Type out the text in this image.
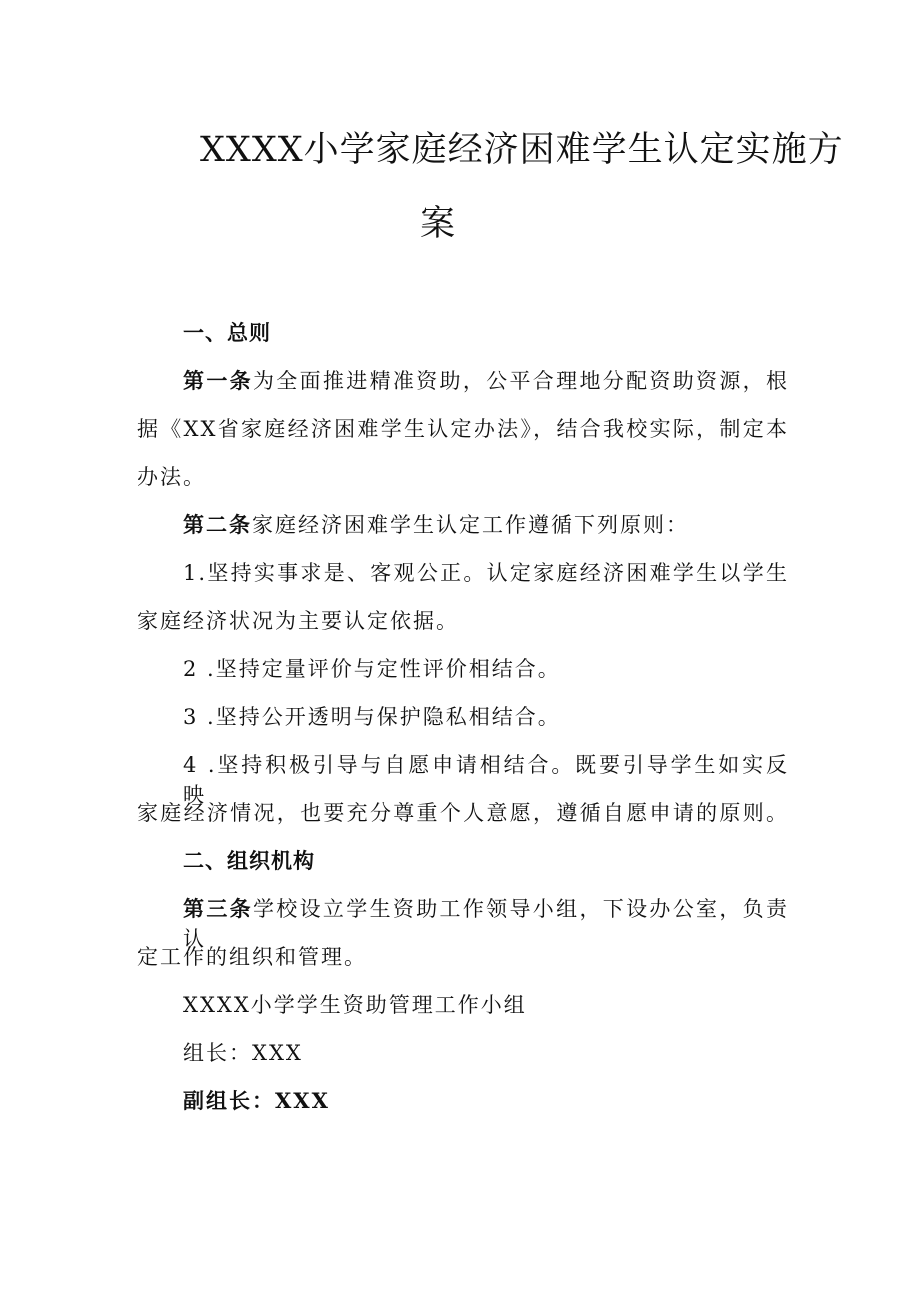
XXXX小学家庭经济困难学生认定实施方
案
一、总则
第一条为全面推进精准资助，公平合理地分配资助资源，根
据《XX省家庭经济困难学生认定办法》，结合我校实际，制定本
办法。
第二条家庭经济困难学生认定工作遵循下列原则：
1.坚持实事求是、客观公正。认定家庭经济困难学生以学生
家庭经济状况为主要认定依据。
2 .坚持定量评价与定性评价相结合。
3 .坚持公开透明与保护隐私相结合。
4 .坚持积极引导与自愿申请相结合。既要引导学生如实反映
家庭经济情况，也要充分尊重个人意愿，遵循自愿申请的原则。
二、组织机构
第三条学校设立学生资助工作领导小组，下设办公室，负责认
定工作的组织和管理。
XXXX小学学生资助管理工作小组
组长：XXX
副组长：XXX
